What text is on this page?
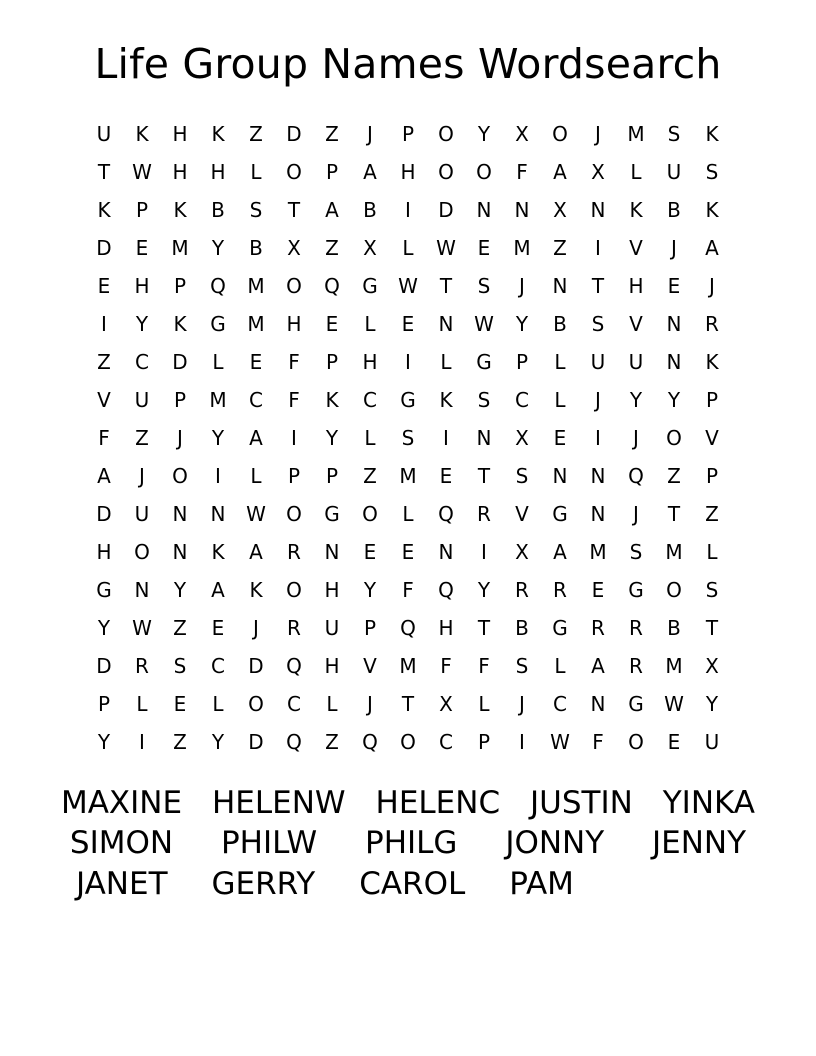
Life Group Names Wordsearch
U	K	H	K	Z	D	Z	J	P	O	Y	X	O	J	M	S	K
T	W	H	H	L	O	P	A	H	O	O	F	A	X	L	U	S
K	P	K	B	S	T	A	B	I	D	N	N	X	N	K	B	K
D	E	M	Y	B	X	Z	X	L	W	E	M	Z	I	V	J	A
E	H	P	Q	M	O	Q	G	W	T	S	J	N	T	H	E	J
I	Y	K	G	M	H	E	L	E	N	W	Y	B	S	V	N	R
Z	C	D	L	E	F	P	H	I	L	G	P	L	U	U	N	K
V	U	P	M	C	F	K	C	G	K	S	C	L	J	Y	Y	P
F	Z	J	Y	A	I	Y	L	S	I	N	X	E	I	J	O	V
A	J	O	I	L	P	P	Z	M	E	T	S	N	N	Q	Z	P
D	U	N	N	W	O	G	O	L	Q	R	V	G	N	J	T	Z
H	O	N	K	A	R	N	E	E	N	I	X	A	M	S	M	L
G	N	Y	A	K	O	H	Y	F	Q	Y	R	R	E	G	O	S
Y	W	Z	E	J	R	U	P	Q	H	T	B	G	R	R	B	T
D	R	S	C	D	Q	H	V	M	F	F	S	L	A	R	M	X
P	L	E	L	O	C	L	J	T	X	L	J	C	N	G	W	Y
Y	I	Z	Y	D	Q	Z	Q	O	C	P	I	W	F	O	E	U
MAXINE HELENW HELENC JUSTIN YINKA
SIMON PHILW PHILG JONNY JENNY
JANET GERRY CAROL PAM
